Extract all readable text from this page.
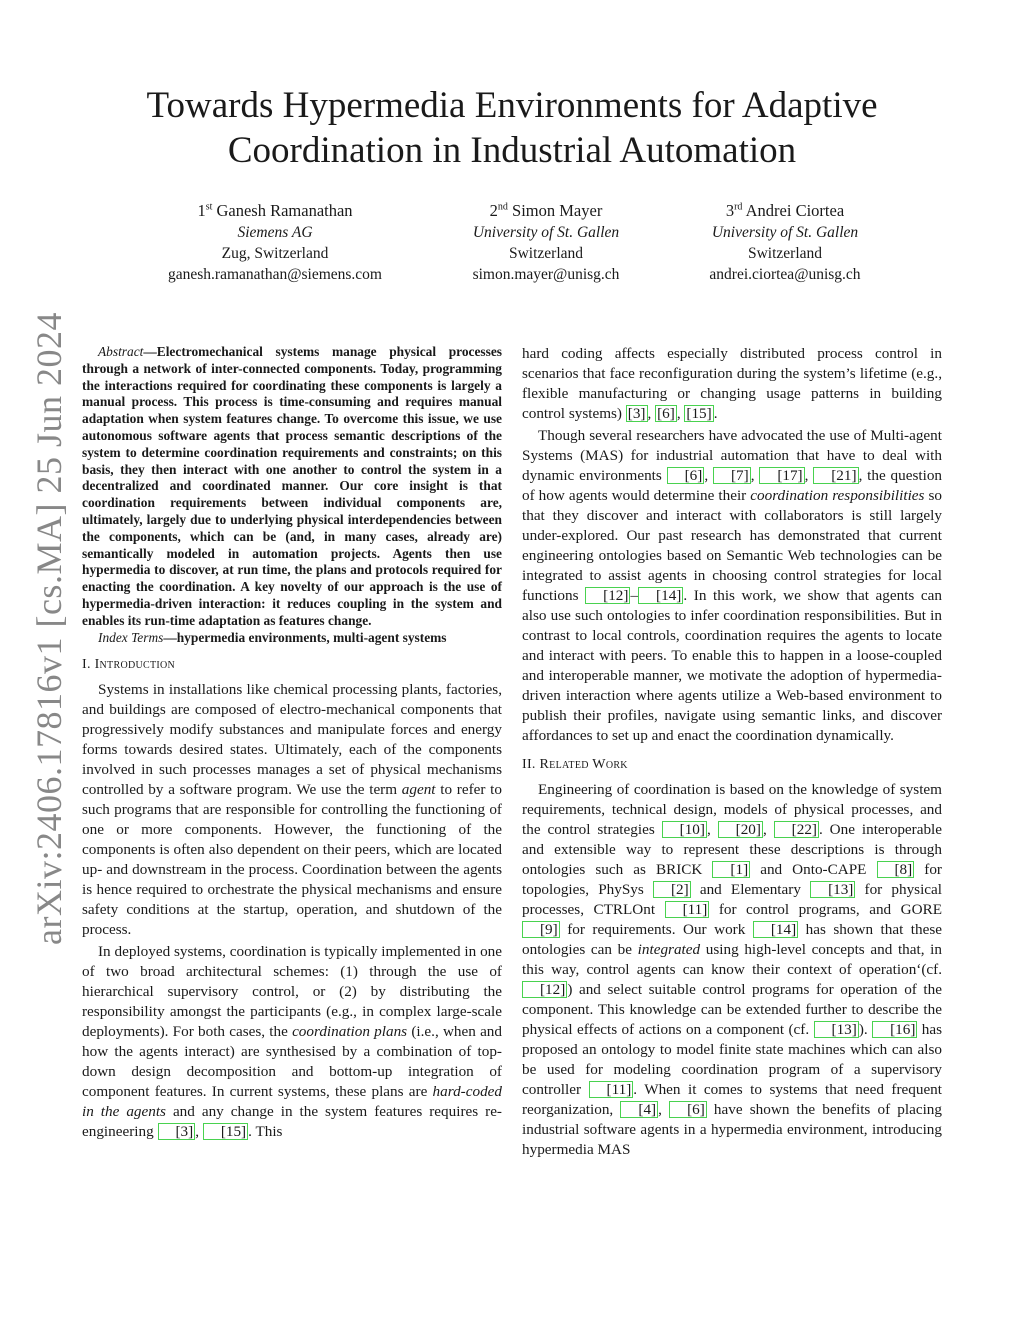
Towards Hypermedia Environments for Adaptive Coordination in Industrial Automation
1st Ganesh Ramanathan
Siemens AG
Zug, Switzerland
ganesh.ramanathan@siemens.com
2nd Simon Mayer
University of St. Gallen
Switzerland
simon.mayer@unisg.ch
3rd Andrei Ciortea
University of St. Gallen
Switzerland
andrei.ciortea@unisg.ch
arXiv:2406.17816v1 [cs.MA] 25 Jun 2024	Abstract—Electromechanical systems manage physical processes through a network of inter-connected components. Today, programming the interactions required for coordinating these components is largely a manual process. This process is time-consuming and requires manual adaptation when system features change. To overcome this issue, we use autonomous software agents that process semantic descriptions of the system to determine coordination requirements and constraints; on this basis, they then interact with one another to control the system in a decentralized and coordinated manner. Our core insight is that coordination requirements between individual components are, ultimately, largely due to underlying physical interdependencies between the components, which can be (and, in many cases, already are) semantically modeled in automation projects. Agents then use hypermedia to discover, at run time, the plans and protocols required for enacting the coordination. A key novelty of our approach is the use of hypermedia-driven interaction: it reduces coupling in the system and enables its run-time adaptation as features change.

Index Terms—hypermedia environments, multi-agent systems

I. Introduction

Systems in installations like chemical processing plants, factories, and buildings are composed of electro-mechanical components that progressively modify substances and manipulate forces and energy forms towards desired states. Ultimately, each of the components involved in such processes manages a set of physical mechanisms controlled by a software program. We use the term agent to refer to such programs that are responsible for controlling the functioning of one or more components. However, the functioning of the components is often also dependent on their peers, which are located up- and downstream in the process. Coordination between the agents is hence required to orchestrate the physical mechanisms and ensure safety conditions at the startup, operation, and shutdown of the process.

In deployed systems, coordination is typically implemented in one of two broad architectural schemes: (1) through the use of hierarchical supervisory control, or (2) by distributing the responsibility amongst the participants (e.g., in complex large-scale deployments). For both cases, the coordination plans (i.e., when and how the agents interact) are synthesised by a combination of top-down design decomposition and bottom-up integration of component features. In current systems, these plans are hard-coded in the agents and any change in the system features requires re-engineering [3] , [15] . This

hard coding affects especially distributed process control in scenarios that face reconfiguration during the system’s lifetime (e.g., flexible manufacturing or changing usage patterns in building control systems) [3] , [6] , [15] .

Though several researchers have advocated the use of Multi-agent Systems (MAS) for industrial automation that have to deal with dynamic environments [6] , [7] , [17] , [21] , the question of how agents would determine their coordination responsibilities so that they discover and interact with collaborators is still largely under-explored. Our past research has demonstrated that current engineering ontologies based on Semantic Web technologies can be integrated to assist agents in choosing control strategies for local functions [12] – [14] . In this work, we show that agents can also use such ontologies to infer coordination responsibilities. But in contrast to local controls, coordination requires the agents to locate and interact with peers. To enable this to happen in a loose-coupled and interoperable manner, we motivate the adoption of hypermedia-driven interaction where agents utilize a Web-based environment to publish their profiles, navigate using semantic links, and discover affordances to set up and enact the coordination dynamically.

II. Related Work

Engineering of coordination is based on the knowledge of system requirements, technical design, models of physical processes, and the control strategies [10] , [20] , [22] . One interoperable and extensible way to represent these descriptions is through ontologies such as BRICK [1] and Onto-CAPE [8] for topologies, PhySys [2] and Elementary [13] for physical processes, CTRLOnt [11] for control programs, and GORE [9] for requirements. Our work [14] has shown that these ontologies can be integrated using high-level concepts and that, in this way, control agents can know their context of operation‘(cf. [12] ) and select suitable control programs for operation of the component. This knowledge can be extended further to describe the physical effects of actions on a component (cf. [13] ). [16] has proposed an ontology to model finite state machines which can also be used for modeling coordination program of a supervisory controller [11] . When it comes to systems that need frequent reorganization, [4] , [6] have shown the benefits of placing industrial software agents in a hypermedia environment, introducing hypermedia MAS
